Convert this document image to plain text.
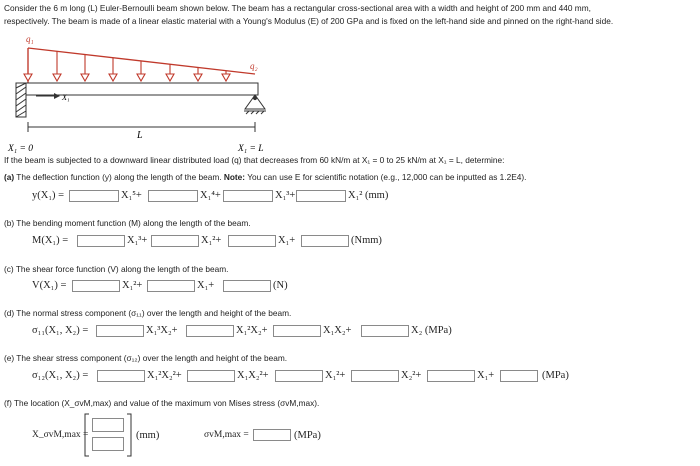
Consider the 6 m long (L) Euler-Bernoulli beam shown below. The beam has a rectangular cross-sectional area with a width and height of 200 mm and 440 mm,
respectively. The beam is made of a linear elastic material with a Young's Modulus (E) of 200 GPa and is fixed on the left-hand side and pinned on the right-hand side.
q₁
q₂
X₁
L
X₁ = 0	X₁ = L
If the beam is subjected to a downward linear distributed load (q) that decreases from 60 kN/m at X₁ = 0 to 25 kN/m at X₁ = L, determine:
(a) The deflection function (y) along the length of the beam. Note: You can use E for scientific notation (e.g., 12,000 can be inputted as 1.2E4).
y(X₁) =	X₁⁵+	X₁⁴+	X₁³+	X₁² (mm)
(b) The bending moment function (M) along the length of the beam.
M(X₁) =	X₁³+	X₁²+	X₁+	(Nmm)
(c) The shear force function (V) along the length of the beam.
V(X₁) =	X₁²+	X₁+	(N)
(d) The normal stress component (σ₁₁) over the length and height of the beam.
σ₁₁(X₁, X₂) =	X₁³X₂+	X₁²X₂+	X₁X₂+	X₂ (MPa)
(e) The shear stress component (σ₁₂) over the length and height of the beam.
σ₁₂(X₁, X₂) =	X₁²X₂²+	X₁X₂²+	X₁²+	X₂²+	X₁+	(MPa)
(f) The location (X_σvM,max) and value of the maximum von Mises stress (σvM,max).
X_σvM,max =	(mm)	σvM,max =	(MPa)
